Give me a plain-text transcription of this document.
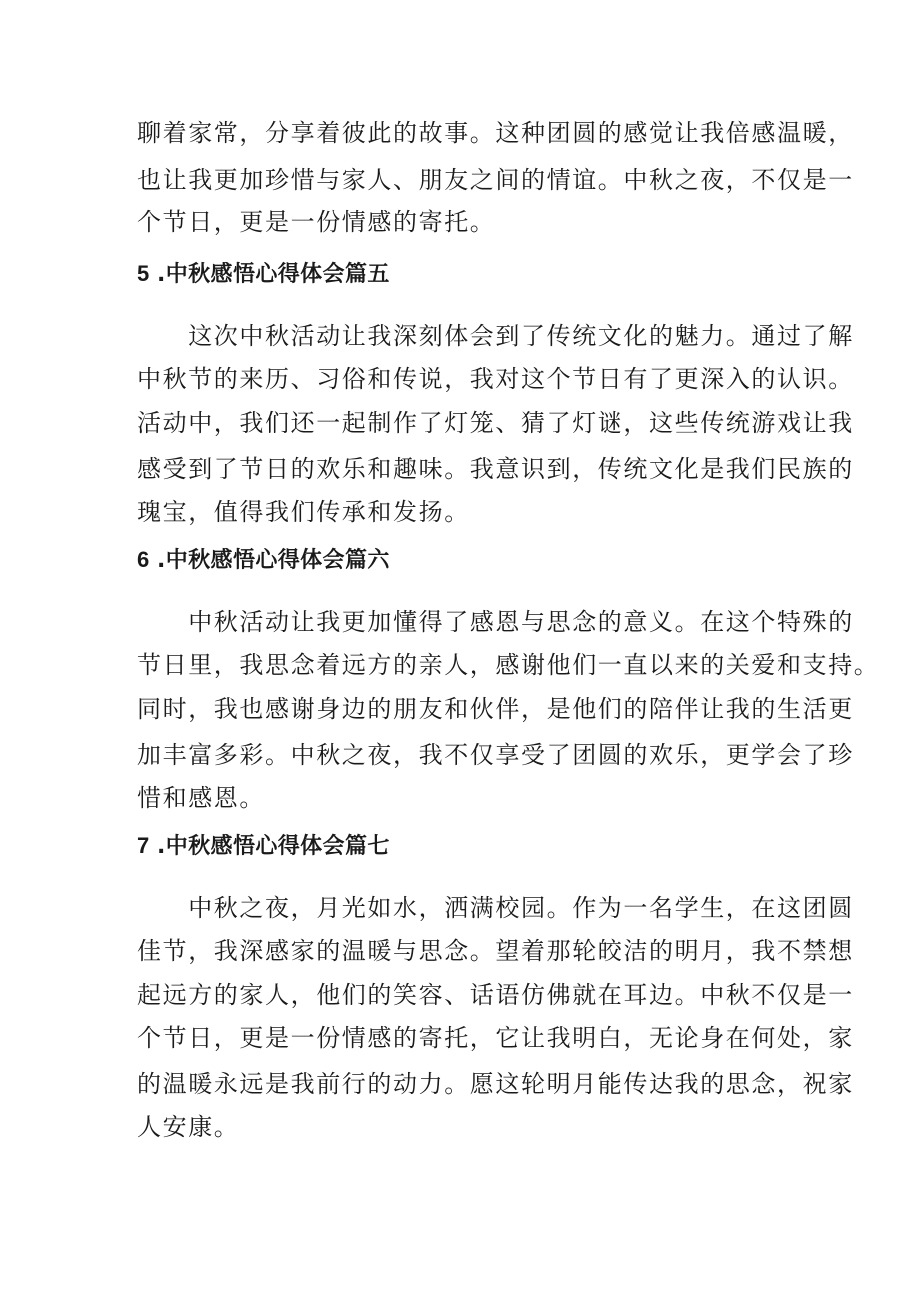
聊着家常，分享着彼此的故事。这种团圆的感觉让我倍感温暖，

也让我更加珍惜与家人、朋友之间的情谊。中秋之夜，不仅是一

个节日，更是一份情感的寄托。

5 .中秋感悟心得体会篇五

　　这次中秋活动让我深刻体会到了传统文化的魅力。通过了解

中秋节的来历、习俗和传说，我对这个节日有了更深入的认识。

活动中，我们还一起制作了灯笼、猜了灯谜，这些传统游戏让我

感受到了节日的欢乐和趣味。我意识到，传统文化是我们民族的

瑰宝，值得我们传承和发扬。

6 .中秋感悟心得体会篇六

　　中秋活动让我更加懂得了感恩与思念的意义。在这个特殊的

节日里，我思念着远方的亲人，感谢他们一直以来的关爱和支持。

同时，我也感谢身边的朋友和伙伴，是他们的陪伴让我的生活更

加丰富多彩。中秋之夜，我不仅享受了团圆的欢乐，更学会了珍

惜和感恩。

7 .中秋感悟心得体会篇七

　　中秋之夜，月光如水，洒满校园。作为一名学生，在这团圆

佳节，我深感家的温暖与思念。望着那轮皎洁的明月，我不禁想

起远方的家人，他们的笑容、话语仿佛就在耳边。中秋不仅是一

个节日，更是一份情感的寄托，它让我明白，无论身在何处，家

的温暖永远是我前行的动力。愿这轮明月能传达我的思念，祝家

人安康。
